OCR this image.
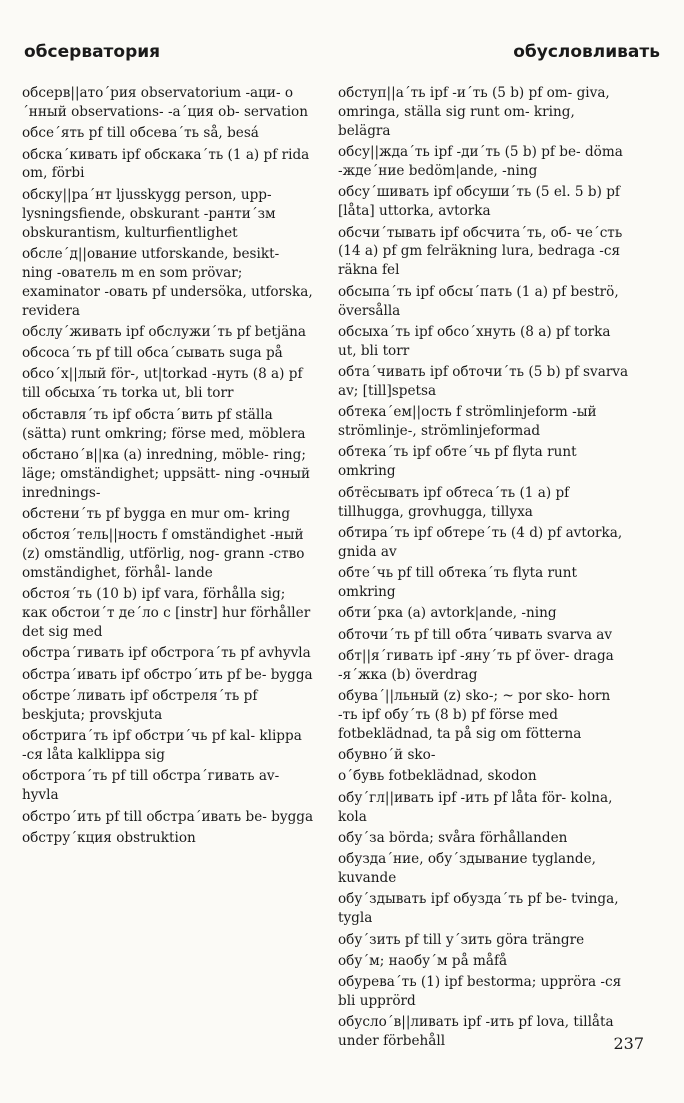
обсерватория	обусловливать
обсерв||ато´рия observatorium -аци- о´нный observations- -а´ция ob- servation
обсе´ять pf till обсева´ть så, besá
обска´кивать ipf обскака´ть (1 a) pf rida om, förbi
обску||ра´нт ljusskygg person, upp- lysningsfiende, obskurant -ранти´зм obskurantism, kulturfientlighet
обсле´д||ование utforskande, besikt- ning -ователь m en som prövar; examinator -овать pf undersöka, utforska, revidera
обслу´живать ipf обслужи´ть pf betjäna
обсоса´ть pf till обса´сывать suga på
обсо´х||лый för-, ut|torkad -нуть (8 a) pf till обсыха´ть torka ut, bli torr
обставля´ть ipf обста´вить pf ställa (sätta) runt omkring; förse med, möblera
обстано´в||ка (a) inredning, möble- ring; läge; omständighet; uppsätt- ning -очный inrednings-
обстени´ть pf bygga en mur om- kring
обстоя´тель||ность f omständighet -ный (z) omständlig, utförlig, nog- grann -ство omständighet, förhål- lande
обстоя´ть (10 b) ipf vara, förhålla sig; как обстои´т де´ло с [instr] hur förhåller det sig med
обстра´гивать ipf обстрога´ть pf avhyvla
обстра´ивать ipf обстро´ить pf be- bygga
обстре´ливать ipf обстреля´ть pf beskjuta; provskjuta
обстрига´ть ipf обстри´чь pf kal- klippa -ся låta kalklippa sig
обстрога´ть pf till обстра´гивать av- hyvla
обстро´ить pf till обстра´ивать be- bygga
обстру´кция obstruktion
обступ||а´ть ipf -и´ть (5 b) pf om- giva, omringa, ställa sig runt om- kring, belägra
обсу||жда´ть ipf -ди´ть (5 b) pf be- döma -жде´ние bedöm|ande, -ning
обсу´шивать ipf обсуши´ть (5 el. 5 b) pf [låta] uttorka, avtorka
обсчи´тывать ipf обсчита´ть, об- че´сть (14 a) pf gm felräkning lura, bedraga -ся räkna fel
обсыпа´ть ipf обсы´пать (1 a) pf beströ, översålla
обсыха´ть ipf обсо´хнуть (8 a) pf torka ut, bli torr
обта´чивать ipf обточи´ть (5 b) pf svarva av; [till]spetsa
обтека´ем||ость f strömlinjeform -ый strömlinje-, strömlinjeformad
обтека´ть ipf обте´чь pf flyta runt omkring
обтёсывать ipf обтеса´ть (1 a) pf tillhugga, grovhugga, tillyxa
обтира´ть ipf обтере´ть (4 d) pf avtorka, gnida av
обте´чь pf till обтека´ть flyta runt omkring
обти´рка (a) avtork|ande, -ning
обточи´ть pf till обта´чивать svarva av
обт||я´гивать ipf -яну´ть pf över- draga -я´жка (b) överdrag
обува´||льный (z) sko-; ~ por sko- horn -ть ipf обу´ть (8 b) pf förse med fotbeklädnad, ta på sig om fötterna
обувно´й sko-
о´бувь fotbeklädnad, skodon
обу´гл||ивать ipf -ить pf låta för- kolna, kola
обу´за börda; svåra förhållanden
обузда´ние, обу´здывание tyglande, kuvande
обу´здывать ipf обузда´ть pf be- tvinga, tygla
обу´зить pf till у´зить göra trängre
обу´м; наобу´м på måfå
обурева´ть (1) ipf bestorma; uppröra -ся bli upprörd
обусло´в||ливать ipf -ить pf lova, tillåta under förbehåll	237
